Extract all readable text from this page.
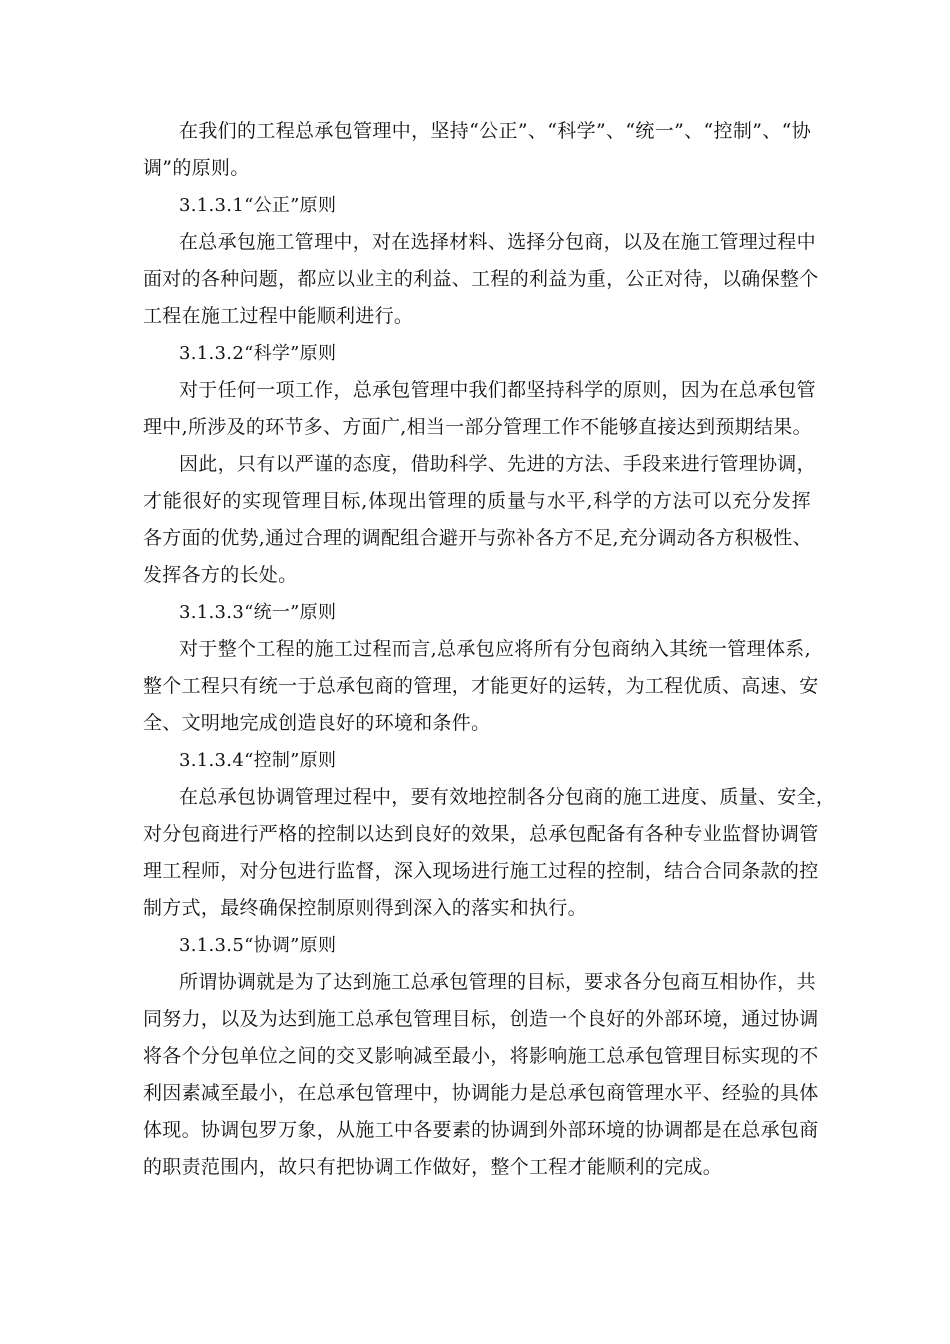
在我们的工程总承包管理中，坚持“公正”、“科学”、“统一”、“控制”、“协
调”的原则。
3.1.3.1“公正”原则
在总承包施工管理中，对在选择材料、选择分包商，以及在施工管理过程中
面对的各种问题，都应以业主的利益、工程的利益为重，公正对待，以确保整个
工程在施工过程中能顺利进行。
3.1.3.2“科学”原则
对于任何一项工作，总承包管理中我们都坚持科学的原则，因为在总承包管
理中,所涉及的环节多、方面广,相当一部分管理工作不能够直接达到预期结果。
因此，只有以严谨的态度，借助科学、先进的方法、手段来进行管理协调，
才能很好的实现管理目标,体现出管理的质量与水平,科学的方法可以充分发挥
各方面的优势,通过合理的调配组合避开与弥补各方不足,充分调动各方积极性、
发挥各方的长处。
3.1.3.3“统一”原则
对于整个工程的施工过程而言,总承包应将所有分包商纳入其统一管理体系,
整个工程只有统一于总承包商的管理，才能更好的运转，为工程优质、高速、安
全、文明地完成创造良好的环境和条件。
3.1.3.4“控制”原则
在总承包协调管理过程中，要有效地控制各分包商的施工进度、质量、安全，
对分包商进行严格的控制以达到良好的效果，总承包配备有各种专业监督协调管
理工程师，对分包进行监督，深入现场进行施工过程的控制，结合合同条款的控
制方式，最终确保控制原则得到深入的落实和执行。
3.1.3.5“协调”原则
所谓协调就是为了达到施工总承包管理的目标，要求各分包商互相协作，共
同努力，以及为达到施工总承包管理目标，创造一个良好的外部环境，通过协调
将各个分包单位之间的交叉影响减至最小，将影响施工总承包管理目标实现的不
利因素减至最小，在总承包管理中，协调能力是总承包商管理水平、经验的具体
体现。协调包罗万象，从施工中各要素的协调到外部环境的协调都是在总承包商
的职责范围内，故只有把协调工作做好，整个工程才能顺利的完成。
